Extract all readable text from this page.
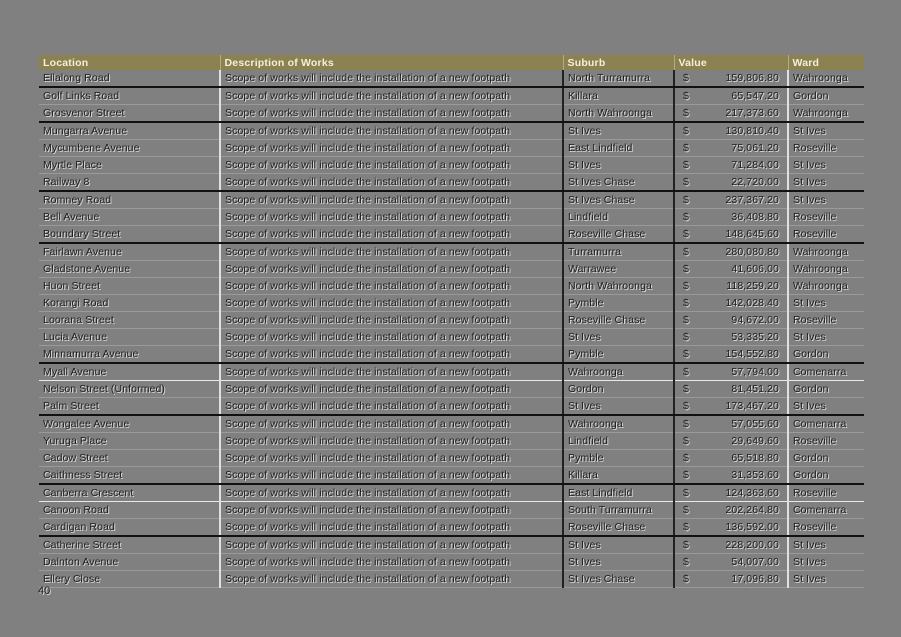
Location	Description of Works	Suburb	Value	Ward
Ellalong Road	Scope of works will include the installation of a new footpath	North Turramurra	$ 159,806.80	Wahroonga
Golf Links Road	Scope of works will include the installation of a new footpath	Killara	$ 65,547.20	Gordon
Grosvenor Street	Scope of works will include the installation of a new footpath	North Wahroonga	$ 217,373.60	Wahroonga
Mungarra Avenue	Scope of works will include the installation of a new footpath	St Ives	$ 130,810.40	St Ives
Mycumbene Avenue	Scope of works will include the installation of a new footpath	East Lindfield	$ 75,061.20	Roseville
Myrtle Place	Scope of works will include the installation of a new footpath	St Ives	$ 71,284.00	St Ives
Railway 8	Scope of works will include the installation of a new footpath	St Ives Chase	$ 22,720.00	St Ives
Romney Road	Scope of works will include the installation of a new footpath	St Ives Chase	$ 237,367.20	St Ives
Bell Avenue	Scope of works will include the installation of a new footpath	Lindfield	$ 36,408.80	Roseville
Boundary Street	Scope of works will include the installation of a new footpath	Roseville Chase	$ 148,645.60	Roseville
Fairlawn Avenue	Scope of works will include the installation of a new footpath	Turramurra	$ 280,080.80	Wahroonga
Gladstone Avenue	Scope of works will include the installation of a new footpath	Warrawee	$ 41,606.00	Wahroonga
Huon Street	Scope of works will include the installation of a new footpath	North Wahroonga	$ 118,259.20	Wahroonga
Korangi Road	Scope of works will include the installation of a new footpath	Pymble	$ 142,028.40	St Ives
Loorana Street	Scope of works will include the installation of a new footpath	Roseville Chase	$ 94,672.00	Roseville
Lucia Avenue	Scope of works will include the installation of a new footpath	St Ives	$ 53,335.20	St Ives
Minnamurra Avenue	Scope of works will include the installation of a new footpath	Pymble	$ 154,552.80	Gordon
Myall Avenue	Scope of works will include the installation of a new footpath	Wahroonga	$ 57,794.00	Comenarra
Nelson Street (Unformed)	Scope of works will include the installation of a new footpath	Gordon	$ 81,451.20	Gordon
Palm Street	Scope of works will include the installation of a new footpath	St Ives	$ 173,467.20	St Ives
Wongalee Avenue	Scope of works will include the installation of a new footpath	Wahroonga	$ 57,055.60	Comenarra
Yuruga Place	Scope of works will include the installation of a new footpath	Lindfield	$ 29,649.60	Roseville
Cadow Street	Scope of works will include the installation of a new footpath	Pymble	$ 65,518.80	Gordon
Caithness Street	Scope of works will include the installation of a new footpath	Killara	$ 31,353.60	Gordon
Canberra Crescent	Scope of works will include the installation of a new footpath	East Lindfield	$ 124,363.60	Roseville
Canoon Road	Scope of works will include the installation of a new footpath	South Turramurra	$ 202,264.80	Comenarra
Cardigan Road	Scope of works will include the installation of a new footpath	Roseville Chase	$ 136,592.00	Roseville
Catherine Street	Scope of works will include the installation of a new footpath	St Ives	$ 228,200.00	St Ives
Dalnton Avenue	Scope of works will include the installation of a new footpath	St Ives	$ 54,007.00	St Ives
Ellery Close	Scope of works will include the installation of a new footpath	St Ives Chase	$ 17,096.80	St Ives
40
